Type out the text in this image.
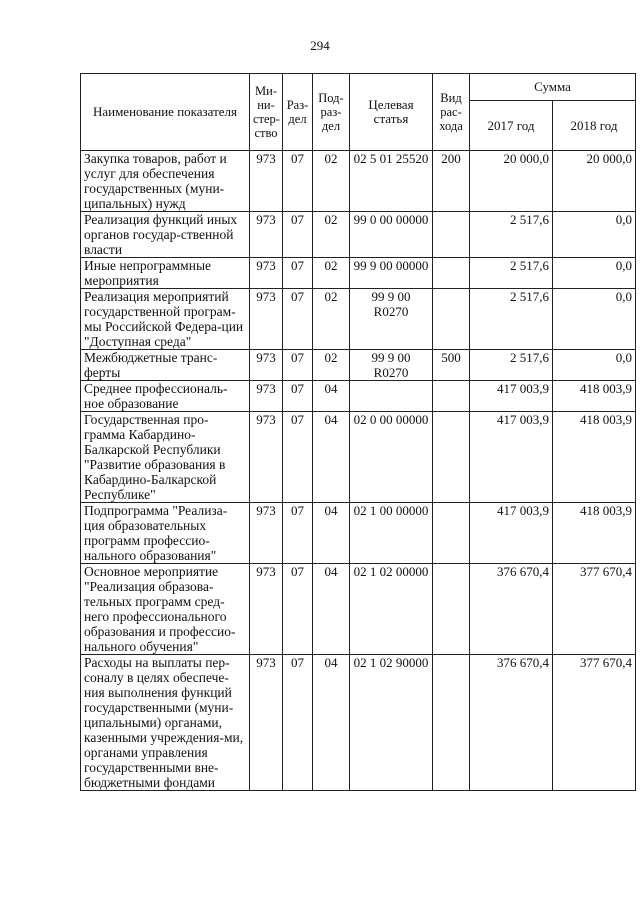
294
Наименование показателя	Ми-ни-стер-ство	Раз-дел	Под-раз-дел	Целевая статья	Вид рас-хода	Сумма	
						2017 год	2018 год
Закупка товаров, работ и услуг для обеспечения государственных (муни-ципальных) нужд	973	07	02	02 5 01 25520	200	20 000,0	20 000,0
Реализация функций иных органов государ-ственной власти	973	07	02	99 0 00 00000		2 517,6	0,0
Иные непрограммные мероприятия	973	07	02	99 9 00 00000		2 517,6	0,0
Реализация мероприятий государственной програм-мы Российской Федера-ции "Доступная среда"	973	07	02	99 9 00 R0270		2 517,6	0,0
Межбюджетные транс-ферты	973	07	02	99 9 00 R0270	500	2 517,6	0,0
Среднее профессиональ-ное образование	973	07	04			417 003,9	418 003,9
Государственная про-грамма Кабардино-Балкарской Республики "Развитие образования в Кабардино-Балкарской Республике"	973	07	04	02 0 00 00000		417 003,9	418 003,9
Подпрограмма "Реализа-ция образовательных программ профессио-нального образования"	973	07	04	02 1 00 00000		417 003,9	418 003,9
Основное мероприятие "Реализация образова-тельных программ сред-него профессионального образования и профессио-нального обучения"	973	07	04	02 1 02 00000		376 670,4	377 670,4
Расходы на выплаты пер-соналу в целях обеспече-ния выполнения функций государственными (муни-ципальными) органами, казенными учреждения-ми, органами управления государственными вне-бюджетными фондами	973	07	04	02 1 02 90000		376 670,4	377 670,4
